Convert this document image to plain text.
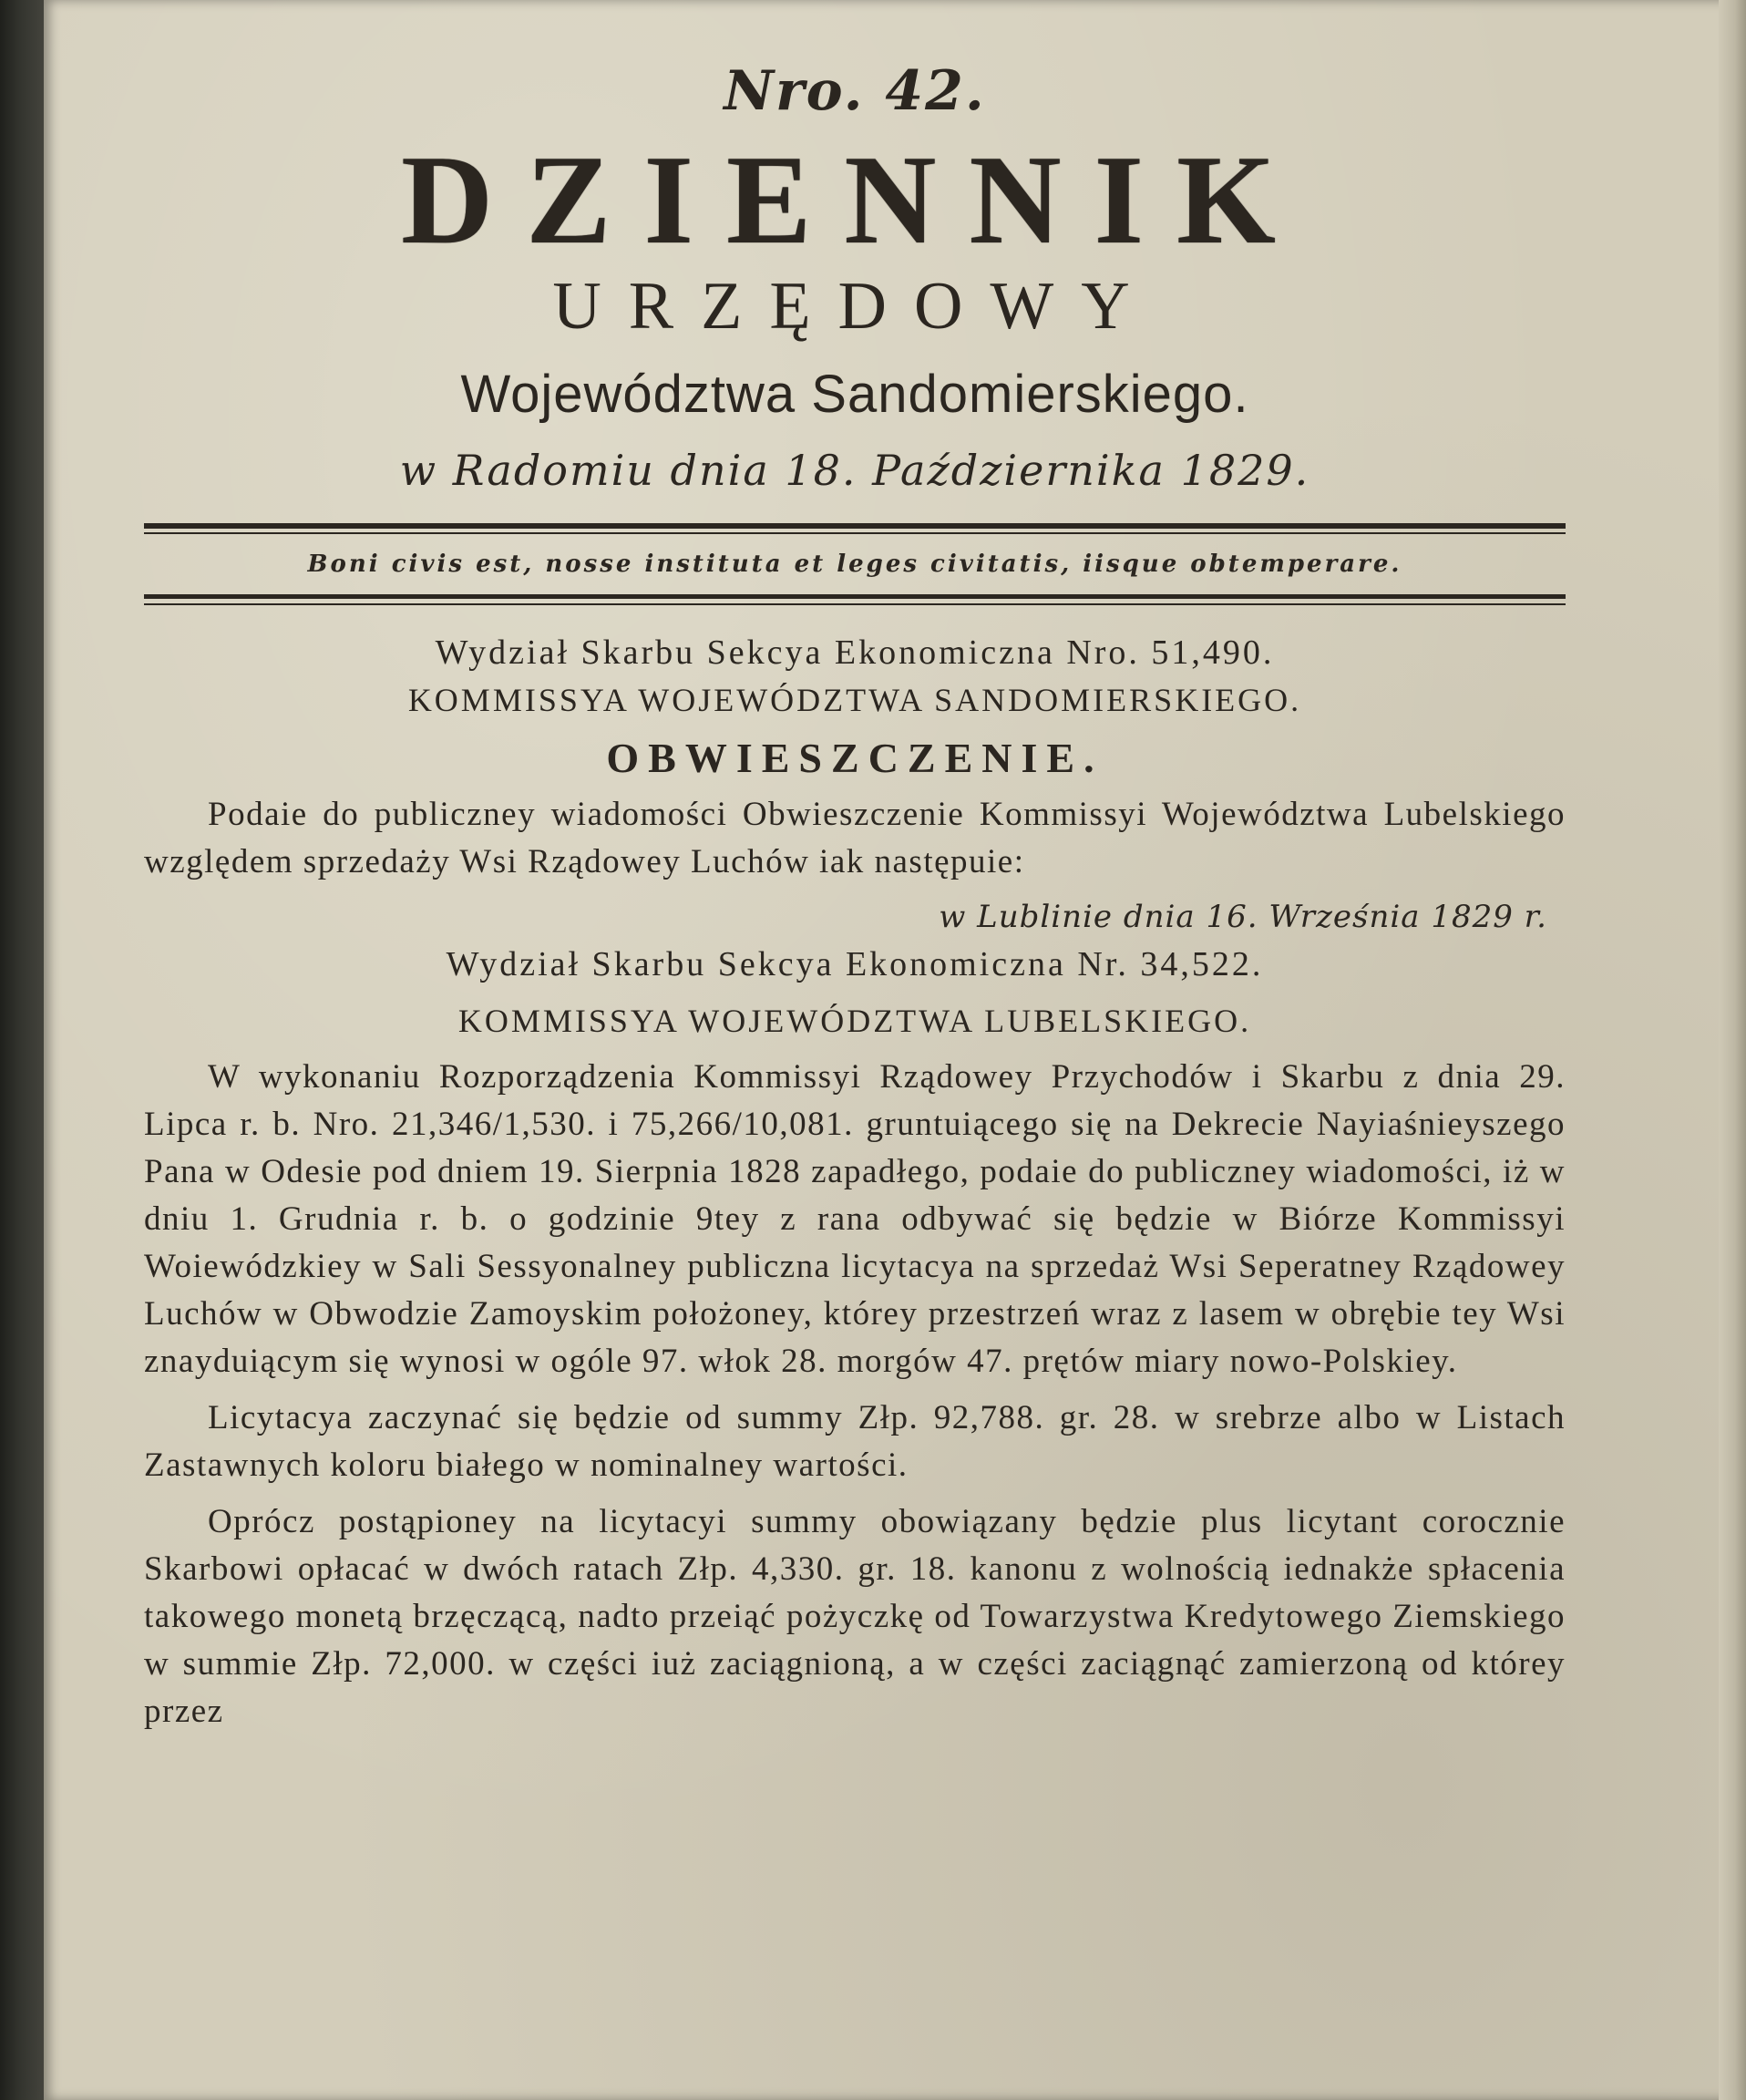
Nro. 42.

DZIENNIK

URZĘDOWY

Województwa Sandomierskiego.

w Radomiu dnia 18. Października 1829.

Boni civis est, nosse instituta et leges civitatis, iisque obtemperare.

Wydział Skarbu Sekcya Ekonomiczna Nro. 51,490.

KOMMISSYA WOJEWÓDZTWA SANDOMIERSKIEGO.

OBWIESZCZENIE.

Podaie do publiczney wiadomości Obwieszczenie Kommissyi Województwa Lubelskiego względem sprzedaży Wsi Rządowey Luchów iak następuie:

w Lublinie dnia 16. Września 1829 r.

Wydział Skarbu Sekcya Ekonomiczna Nr. 34,522.

KOMMISSYA WOJEWÓDZTWA LUBELSKIEGO.

W wykonaniu Rozporządzenia Kommissyi Rządowey Przychodów i Skarbu z dnia 29. Lipca r. b. Nro. 21,346/1,530. i 75,266/10,081. gruntuiącego się na Dekrecie Nayiaśnieyszego Pana w Odesie pod dniem 19. Sierpnia 1828 zapadłego, podaie do publiczney wiadomości, iż w dniu 1. Grudnia r. b. o godzinie 9tey z rana odbywać się będzie w Biórze Kommissyi Woiewódzkiey w Sali Sessyonalney publiczna licytacya na sprzedaż Wsi Seperatney Rządowey Luchów w Obwodzie Zamoyskim położoney, którey przestrzeń wraz z lasem w obrębie tey Wsi znayduiącym się wynosi w ogóle 97. włok 28. morgów 47. prętów miary nowo-Polskiey.

Licytacya zaczynać się będzie od summy Złp. 92,788. gr. 28. w srebrze albo w Listach Zastawnych koloru białego w nominalney wartości.

Oprócz postąpioney na licytacyi summy obowiązany będzie plus licytant corocznie Skarbowi opłacać w dwóch ratach Złp. 4,330. gr. 18. kanonu z wolnością iednakże spłacenia takowego monetą brzęczącą, nadto przeiąć pożyczkę od Towarzystwa Kredytowego Ziemskiego w summie Złp. 72,000. w części iuż zaciągnioną, a w części zaciągnąć zamierzoną od którey przez
